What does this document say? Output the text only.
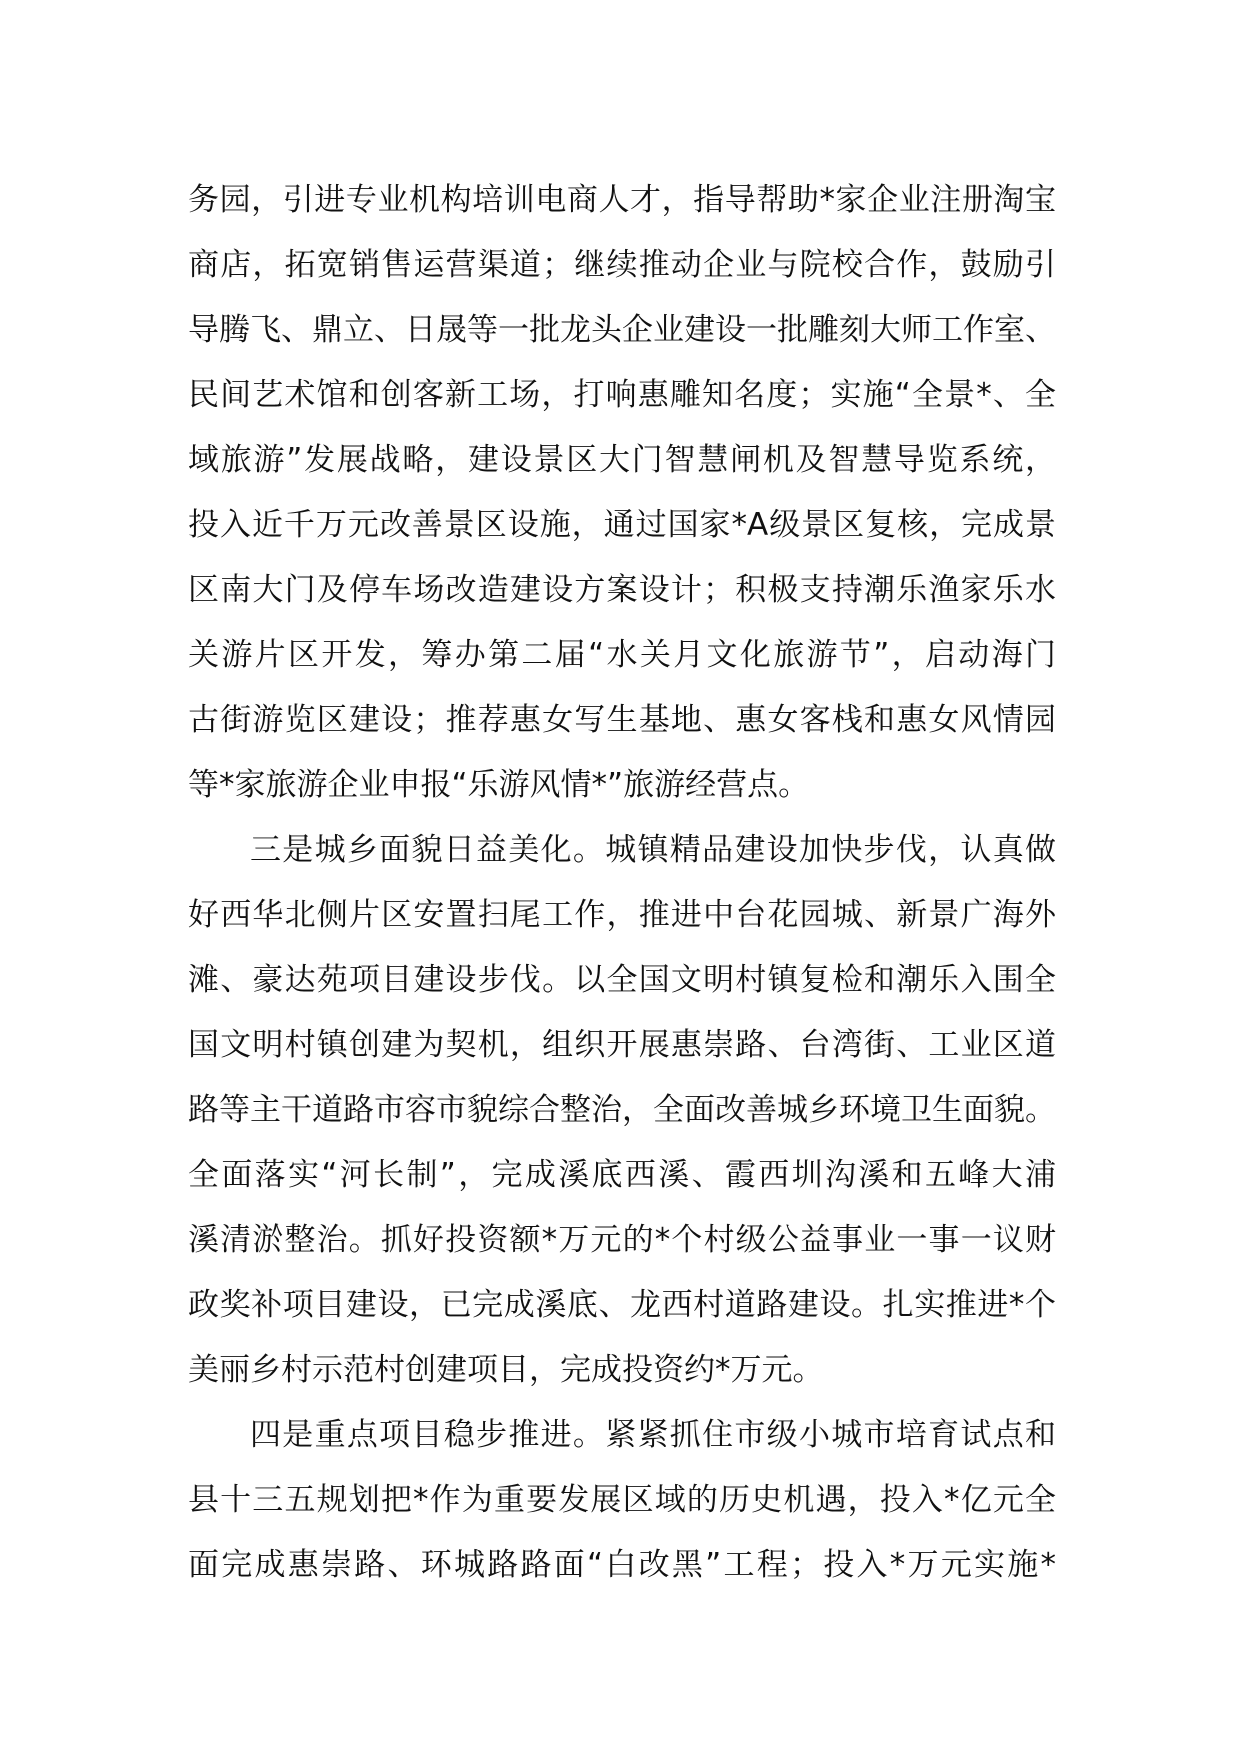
务园，引进专业机构培训电商人才，指导帮助*家企业注册淘宝
商店，拓宽销售运营渠道；继续推动企业与院校合作，鼓励引
导腾飞、鼎立、日晟等一批龙头企业建设一批雕刻大师工作室、
民间艺术馆和创客新工场，打响惠雕知名度；实施“全景*、全
域旅游”发展战略，建设景区大门智慧闸机及智慧导览系统，
投入近千万元改善景区设施，通过国家*A级景区复核，完成景
区南大门及停车场改造建设方案设计；积极支持潮乐渔家乐水
关游片区开发，筹办第二届“水关月文化旅游节”，启动海门
古街游览区建设；推荐惠女写生基地、惠女客栈和惠女风情园
等*家旅游企业申报“乐游风情*”旅游经营点。
三是城乡面貌日益美化。城镇精品建设加快步伐，认真做
好西华北侧片区安置扫尾工作，推进中台花园城、新景广海外
滩、豪达苑项目建设步伐。以全国文明村镇复检和潮乐入围全
国文明村镇创建为契机，组织开展惠崇路、台湾街、工业区道
路等主干道路市容市貌综合整治，全面改善城乡环境卫生面貌。
全面落实“河长制”，完成溪底西溪、霞西圳沟溪和五峰大浦
溪清淤整治。抓好投资额*万元的*个村级公益事业一事一议财
政奖补项目建设，已完成溪底、龙西村道路建设。扎实推进*个
美丽乡村示范村创建项目，完成投资约*万元。
四是重点项目稳步推进。紧紧抓住市级小城市培育试点和
县十三五规划把*作为重要发展区域的历史机遇，投入*亿元全
面完成惠崇路、环城路路面“白改黑”工程；投入*万元实施*
